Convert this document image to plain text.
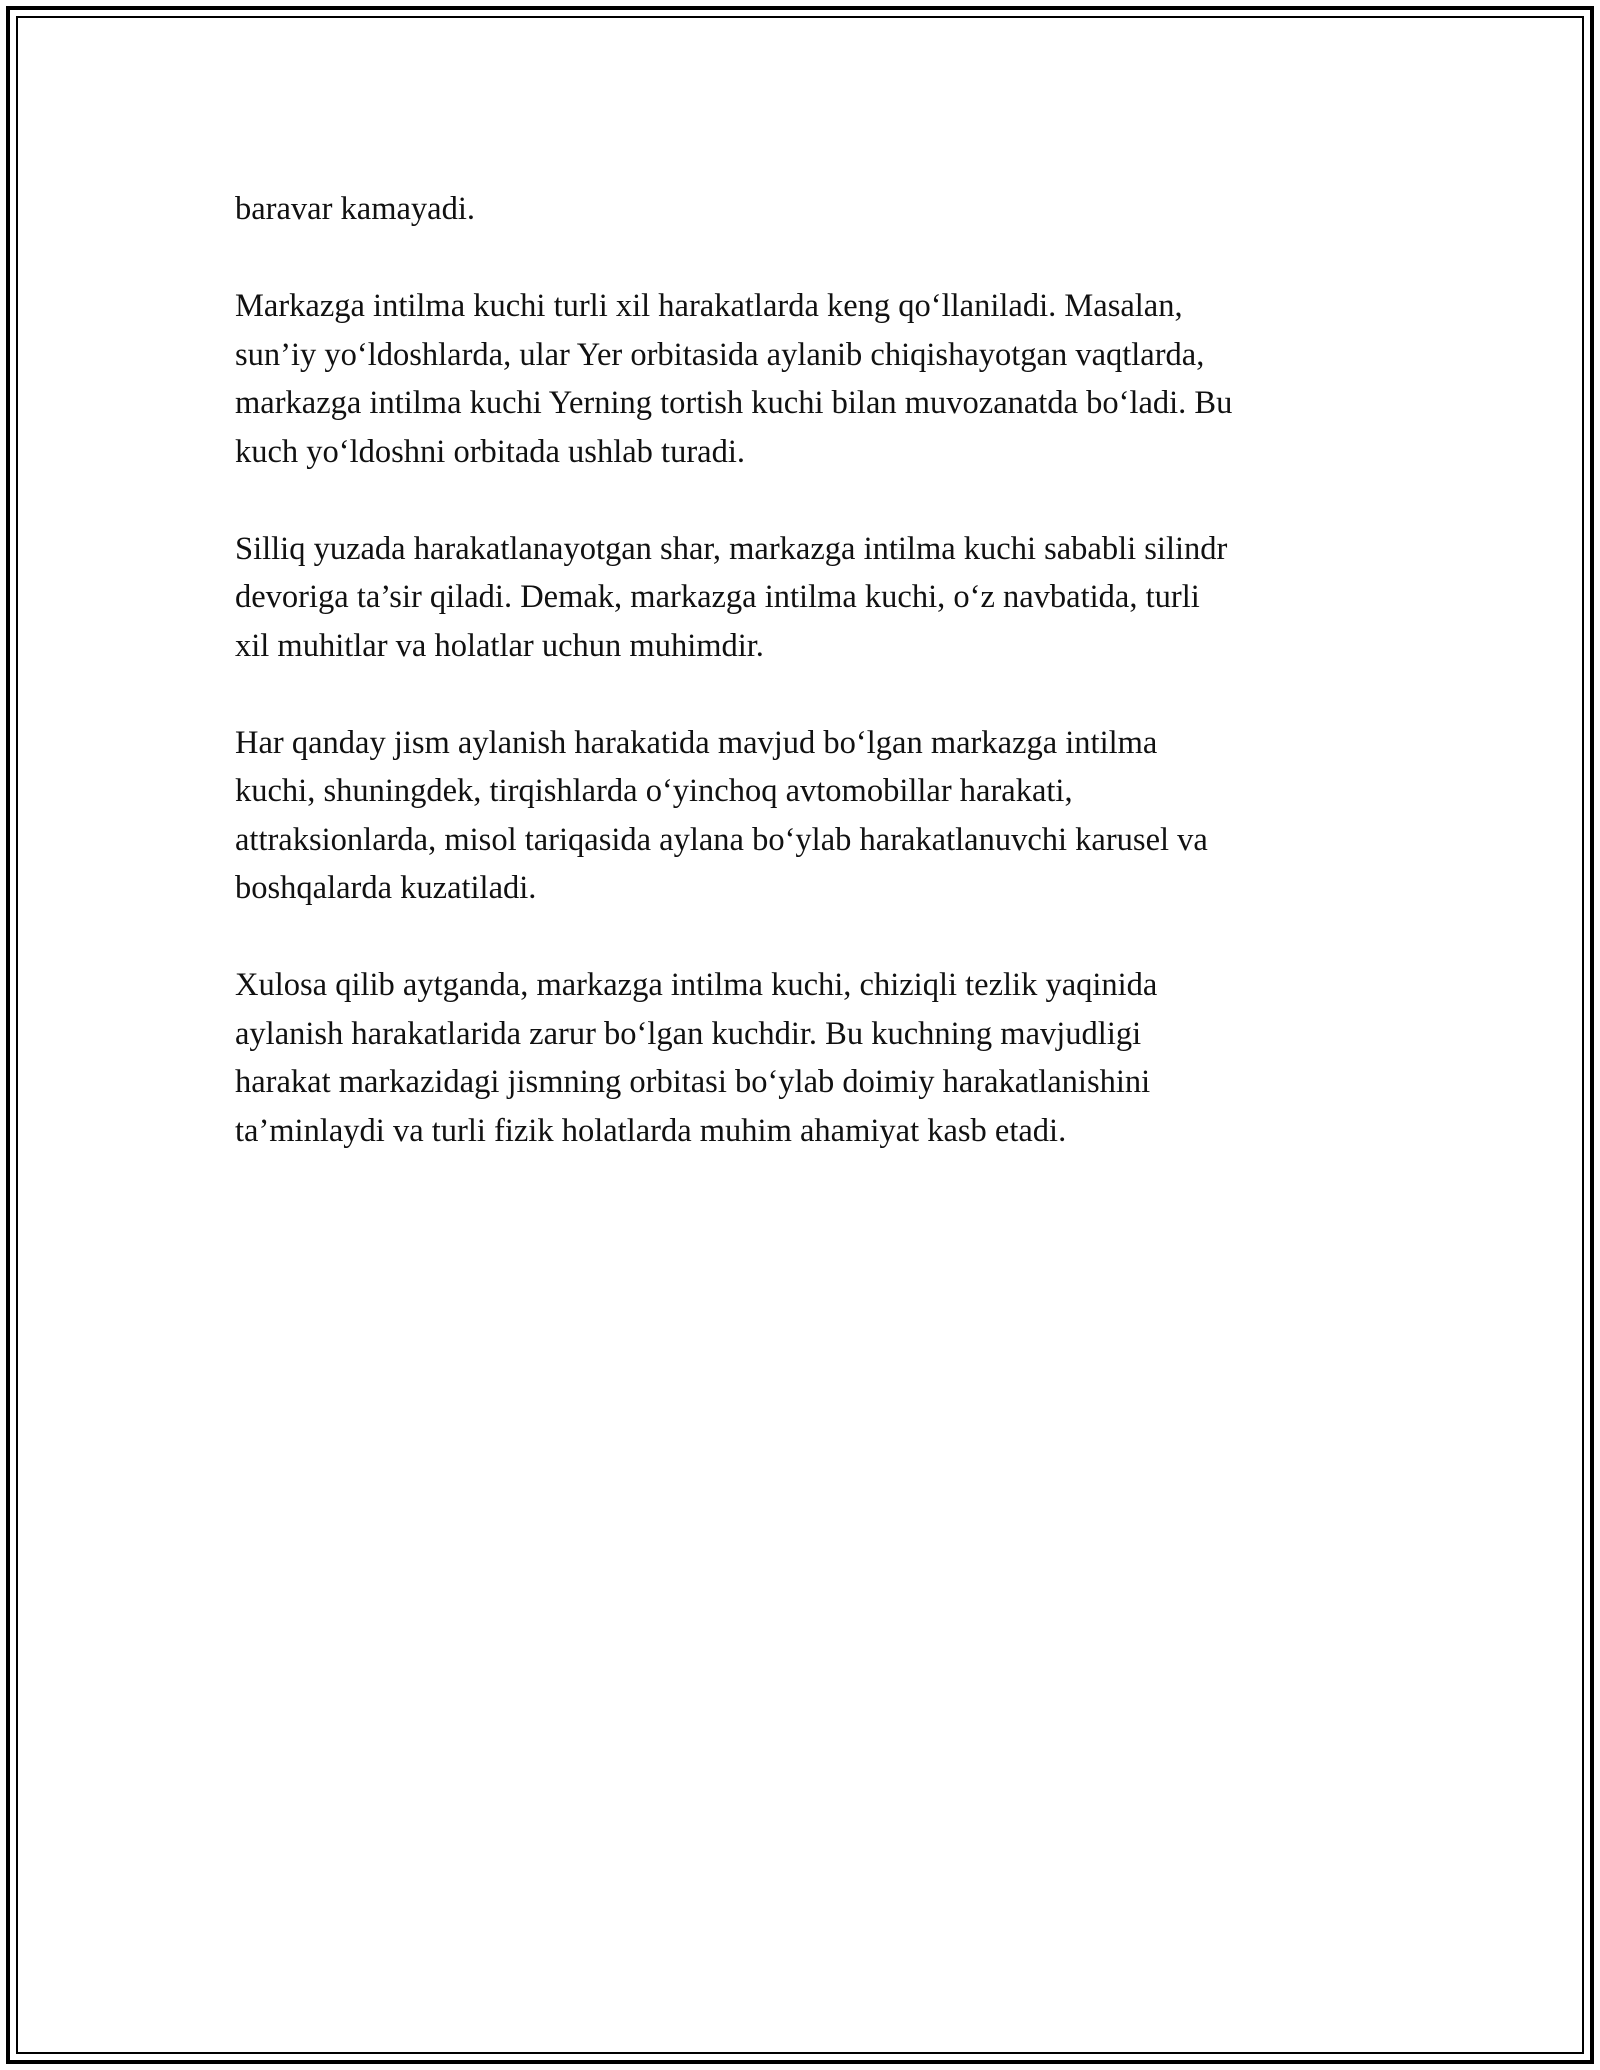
baravar kamayadi.

Markazga intilma kuchi turli xil harakatlarda keng qo‘llaniladi. Masalan,
sun’iy yo‘ldoshlarda, ular Yer orbitasida aylanib chiqishayotgan vaqtlarda,
markazga intilma kuchi Yerning tortish kuchi bilan muvozanatda bo‘ladi. Bu
kuch yo‘ldoshni orbitada ushlab turadi.

Silliq yuzada harakatlanayotgan shar, markazga intilma kuchi sababli silindr
devoriga ta’sir qiladi. Demak, markazga intilma kuchi, o‘z navbatida, turli
xil muhitlar va holatlar uchun muhimdir.

Har qanday jism aylanish harakatida mavjud bo‘lgan markazga intilma
kuchi, shuningdek, tirqishlarda o‘yinchoq avtomobillar harakati,
attraksionlarda, misol tariqasida aylana bo‘ylab harakatlanuvchi karusel va
boshqalarda kuzatiladi.

Xulosa qilib aytganda, markazga intilma kuchi, chiziqli tezlik yaqinida
aylanish harakatlarida zarur bo‘lgan kuchdir. Bu kuchning mavjudligi
harakat markazidagi jismning orbitasi bo‘ylab doimiy harakatlanishini
ta’minlaydi va turli fizik holatlarda muhim ahamiyat kasb etadi.
